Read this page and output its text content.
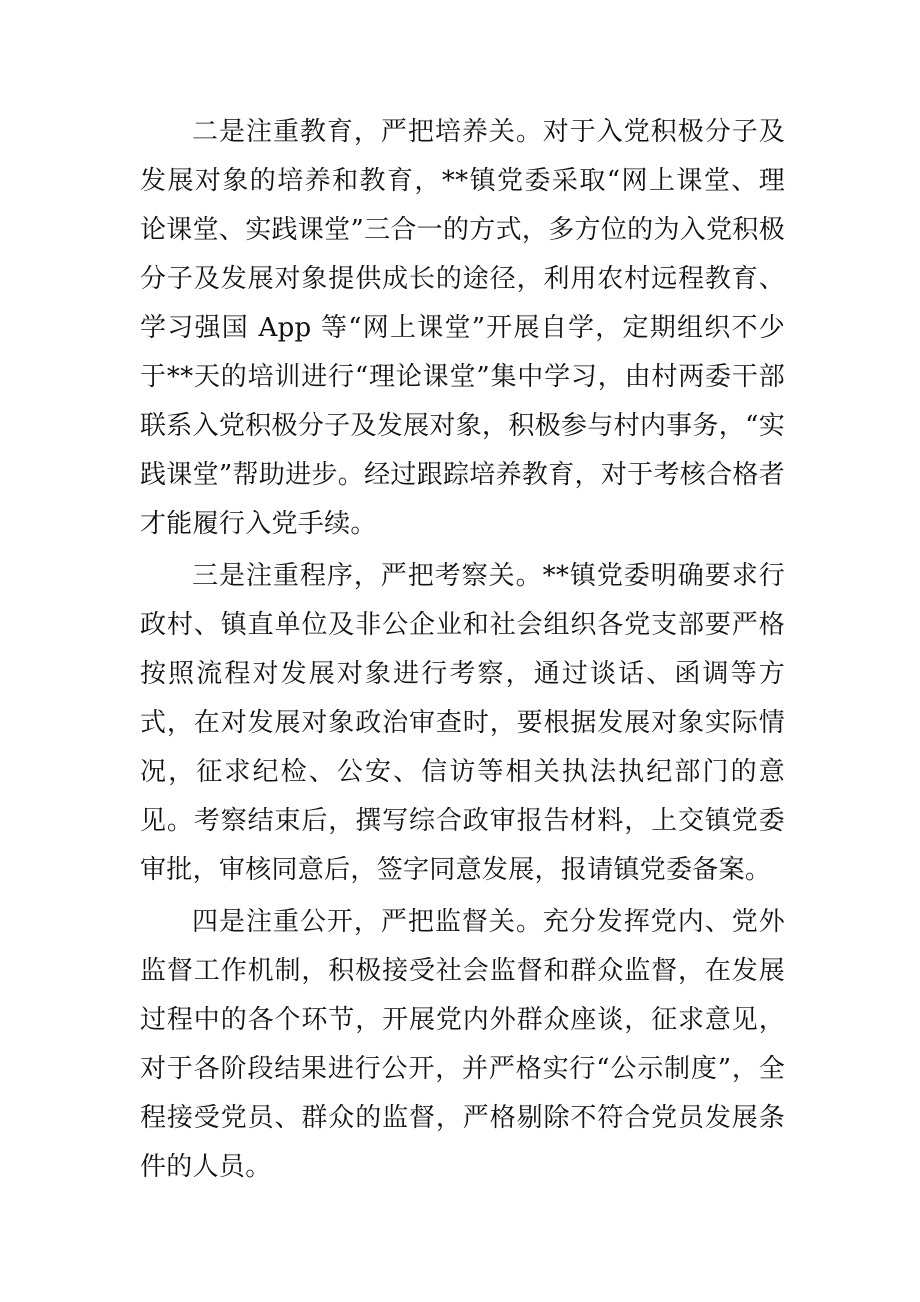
二是注重教育，严把培养关。对于入党积极分子及发展对象的培养和教育，**镇党委采取“网上课堂、理论课堂、实践课堂”三合一的方式，多方位的为入党积极分子及发展对象提供成长的途径，利用农村远程教育、学习强国 App 等“网上课堂”开展自学，定期组织不少于**天的培训进行“理论课堂”集中学习，由村两委干部联系入党积极分子及发展对象，积极参与村内事务，“实践课堂”帮助进步。经过跟踪培养教育，对于考核合格者才能履行入党手续。

三是注重程序，严把考察关。**镇党委明确要求行政村、镇直单位及非公企业和社会组织各党支部要严格按照流程对发展对象进行考察，通过谈话、函调等方式，在对发展对象政治审查时，要根据发展对象实际情况，征求纪检、公安、信访等相关执法执纪部门的意见。考察结束后，撰写综合政审报告材料，上交镇党委审批，审核同意后，签字同意发展，报请镇党委备案。

四是注重公开，严把监督关。充分发挥党内、党外监督工作机制，积极接受社会监督和群众监督，在发展过程中的各个环节，开展党内外群众座谈，征求意见，对于各阶段结果进行公开，并严格实行“公示制度”，全程接受党员、群众的监督，严格剔除不符合党员发展条件的人员。
